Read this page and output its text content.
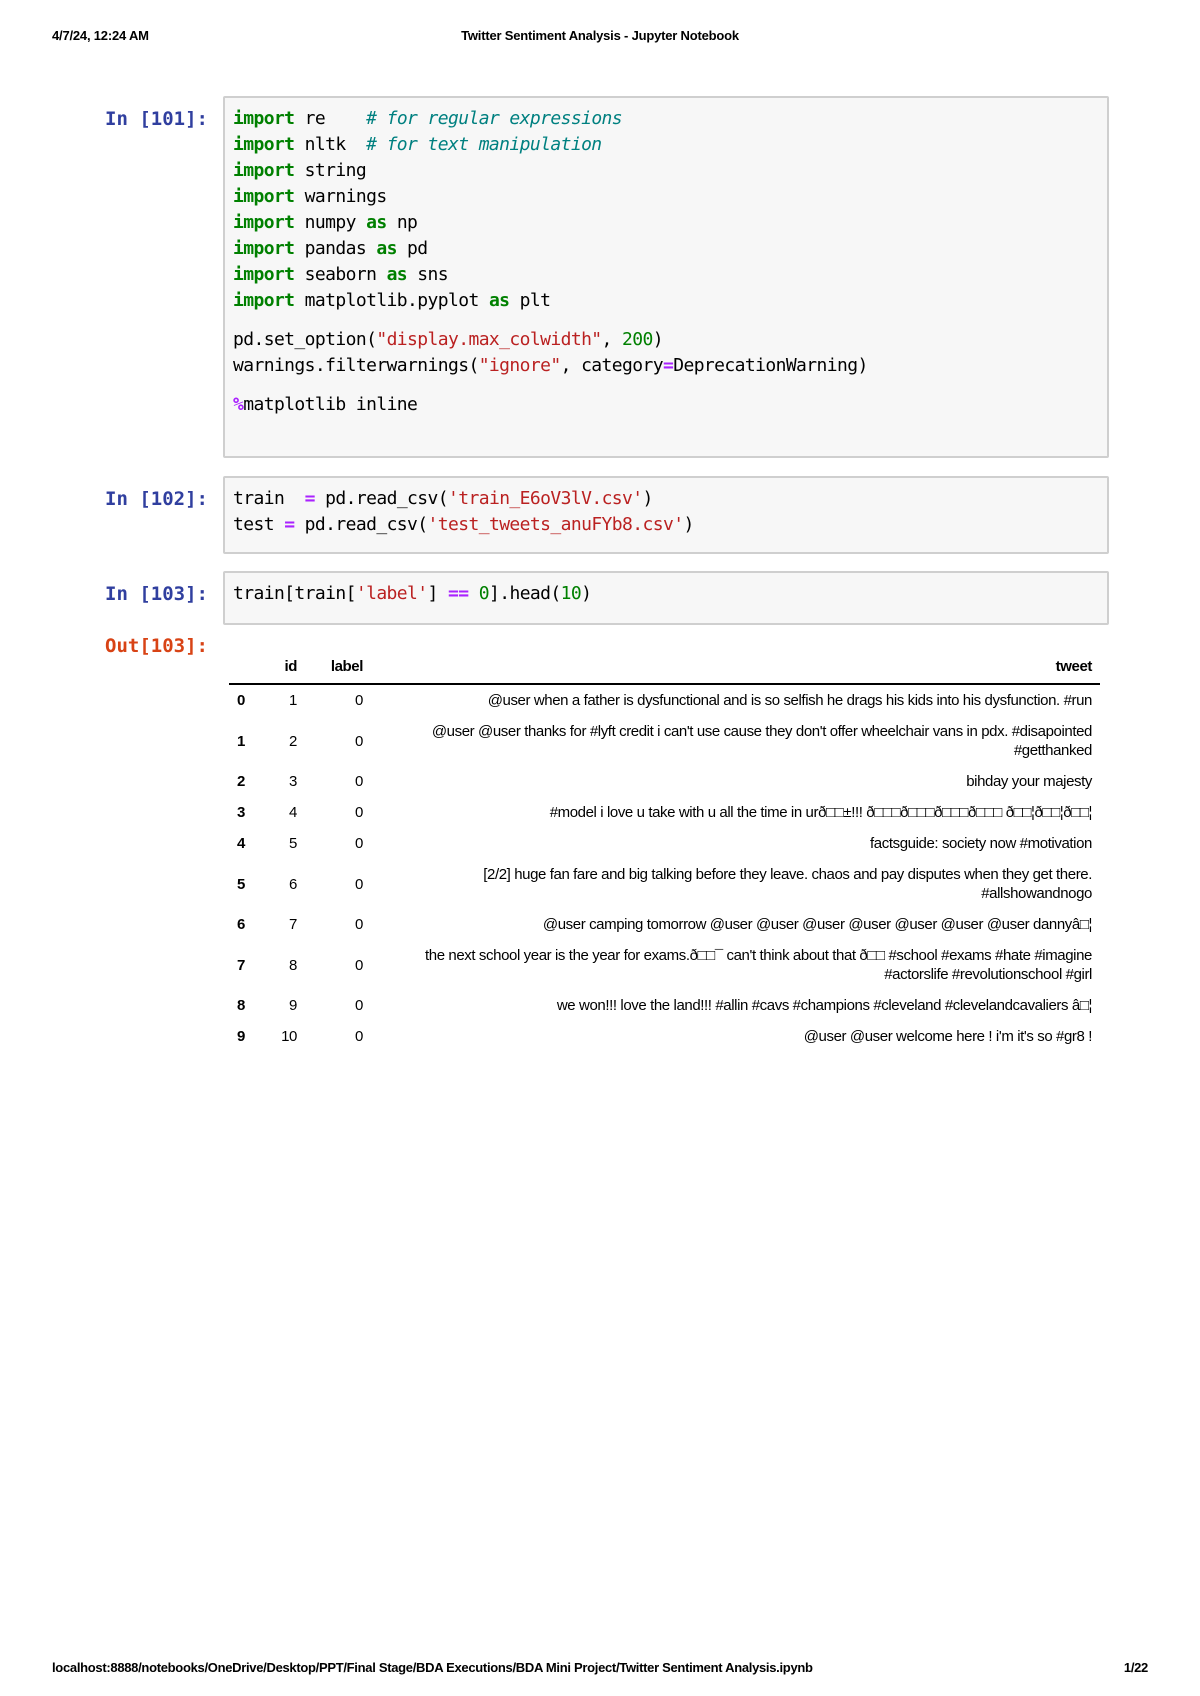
4/7/24, 12:24 AM	Twitter Sentiment Analysis - Jupyter Notebook
In [101]:	import re # for regular expressions
import nltk  # for text manipulation
import string
import warnings
import numpy as np
import pandas as pd
import seaborn as sns
import matplotlib.pyplot as plt
pd.set_option("display.max_colwidth", 200)
warnings.filterwarnings("ignore", category=DeprecationWarning)
%matplotlib inline
In [102]:	train  = pd.read_csv('train_E6oV3lV.csv')
test = pd.read_csv('test_tweets_anuFYb8.csv')
In [103]:	train[train['label'] == 0].head(10)
Out[103]:
	id	label	tweet
0	1	0	@user when a father is dysfunctional and is so selfish he drags his kids into his dysfunction. #run
1	2	0	@user @user thanks for #lyft credit i can't use cause they don't offer wheelchair vans in pdx. #disapointed #getthanked
2	3	0	bihday your majesty
3	4	0	#model i love u take with u all the time in urð□□±!!! ð□□□ð□□□ð□□□ð□□□ ð□□¦ð□□¦ð□□¦
4	5	0	factsguide: society now #motivation
5	6	0	[2/2] huge fan fare and big talking before they leave. chaos and pay disputes when they get there. #allshowandnogo
6	7	0	@user camping tomorrow @user @user @user @user @user @user @user dannyâ□¦
7	8	0	the next school year is the year for exams.ð□□¯ can't think about that ð□□ #school #exams #hate #imagine #actorslife #revolutionschool #girl
8	9	0	we won!!! love the land!!! #allin #cavs #champions #cleveland #clevelandcavaliers â□¦
9	10	0	@user @user welcome here ! i'm it's so #gr8 !
localhost:8888/notebooks/OneDrive/Desktop/PPT/Final Stage/BDA Executions/BDA Mini Project/Twitter Sentiment Analysis.ipynb	1/22
